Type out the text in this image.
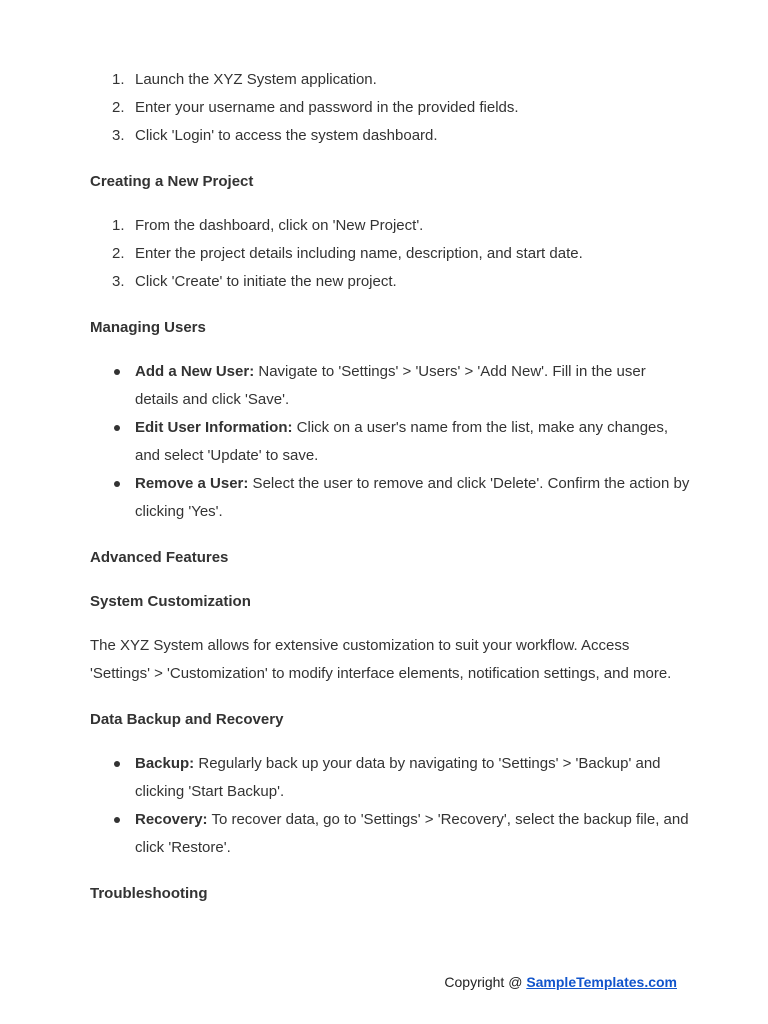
1. Launch the XYZ System application.
2. Enter your username and password in the provided fields.
3. Click 'Login' to access the system dashboard.
Creating a New Project
1. From the dashboard, click on 'New Project'.
2. Enter the project details including name, description, and start date.
3. Click 'Create' to initiate the new project.
Managing Users
Add a New User: Navigate to 'Settings' > 'Users' > 'Add New'. Fill in the user details and click 'Save'.
Edit User Information: Click on a user's name from the list, make any changes, and select 'Update' to save.
Remove a User: Select the user to remove and click 'Delete'. Confirm the action by clicking 'Yes'.
Advanced Features
System Customization

The XYZ System allows for extensive customization to suit your workflow. Access 'Settings' > 'Customization' to modify interface elements, notification settings, and more.

Data Backup and Recovery
Backup: Regularly back up your data by navigating to 'Settings' > 'Backup' and clicking 'Start Backup'.
Recovery: To recover data, go to 'Settings' > 'Recovery', select the backup file, and click 'Restore'.
Troubleshooting
Copyright @ SampleTemplates.com
